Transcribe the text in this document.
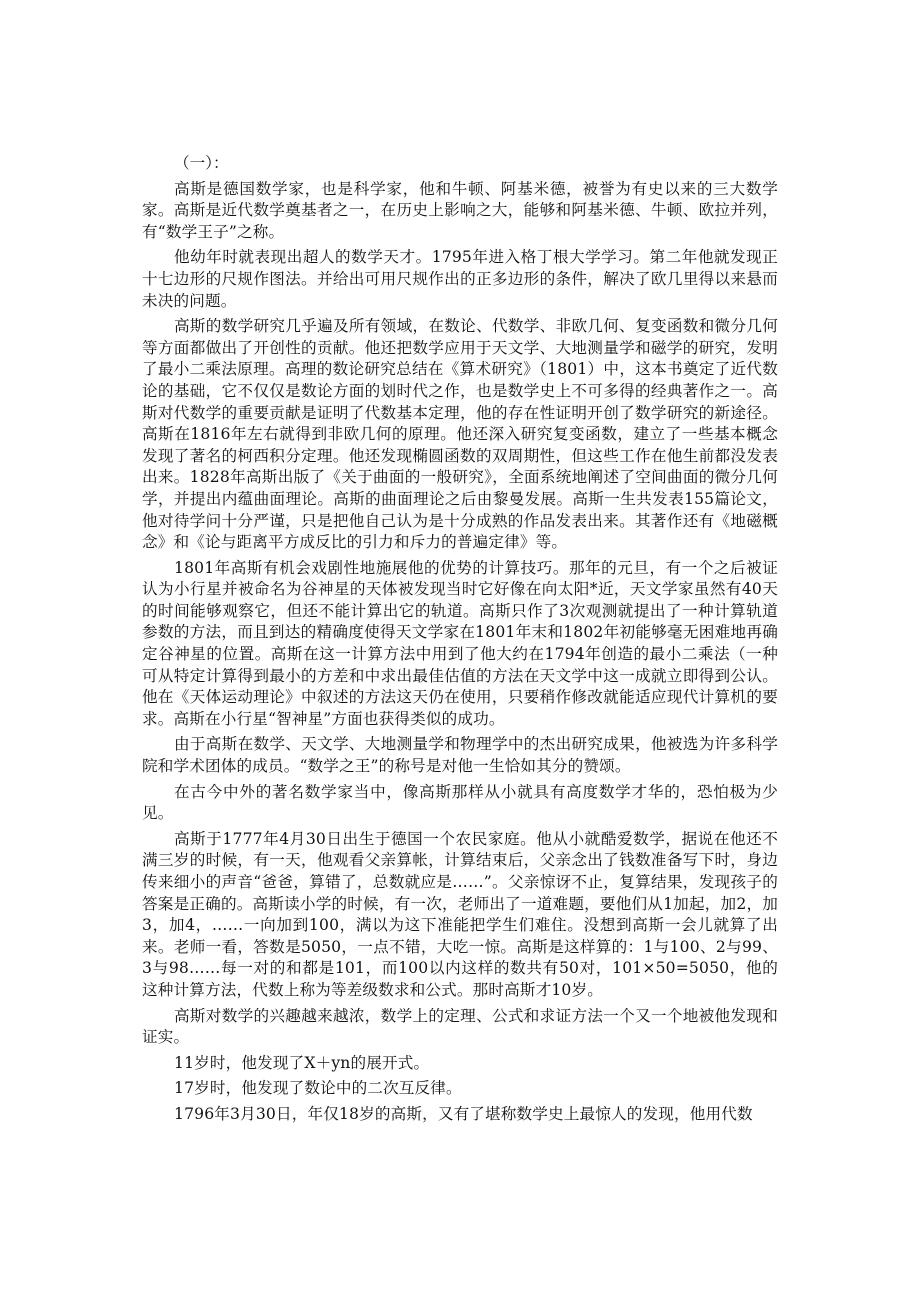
（一）：

高斯是德国数学家，也是科学家，他和牛顿、阿基米德，被誉为有史以来的三大数学家。高斯是近代数学奠基者之一，在历史上影响之大，能够和阿基米德、牛顿、欧拉并列，有“数学王子”之称。

他幼年时就表现出超人的数学天才。1795年进入格丁根大学学习。第二年他就发现正十七边形的尺规作图法。并给出可用尺规作出的正多边形的条件，解决了欧几里得以来悬而未决的问题。

高斯的数学研究几乎遍及所有领域，在数论、代数学、非欧几何、复变函数和微分几何等方面都做出了开创性的贡献。他还把数学应用于天文学、大地测量学和磁学的研究，发明了最小二乘法原理。高理的数论研究总结在《算术研究》（1801）中，这本书奠定了近代数论的基础，它不仅仅是数论方面的划时代之作，也是数学史上不可多得的经典著作之一。高斯对代数学的重要贡献是证明了代数基本定理，他的存在性证明开创了数学研究的新途径。高斯在1816年左右就得到非欧几何的原理。他还深入研究复变函数，建立了一些基本概念发现了著名的柯西积分定理。他还发现椭圆函数的双周期性，但这些工作在他生前都没发表出来。1828年高斯出版了《关于曲面的一般研究》，全面系统地阐述了空间曲面的微分几何学，并提出内蕴曲面理论。高斯的曲面理论之后由黎曼发展。高斯一生共发表155篇论文，他对待学问十分严谨，只是把他自己认为是十分成熟的作品发表出来。其著作还有《地磁概念》和《论与距离平方成反比的引力和斥力的普遍定律》等。

1801年高斯有机会戏剧性地施展他的优势的计算技巧。那年的元旦，有一个之后被证认为小行星并被命名为谷神星的天体被发现当时它好像在向太阳*近，天文学家虽然有40天的时间能够观察它，但还不能计算出它的轨道。高斯只作了3次观测就提出了一种计算轨道参数的方法，而且到达的精确度使得天文学家在1801年末和1802年初能够毫无困难地再确定谷神星的位置。高斯在这一计算方法中用到了他大约在1794年创造的最小二乘法（一种可从特定计算得到最小的方差和中求出最佳估值的方法在天文学中这一成就立即得到公认。他在《天体运动理论》中叙述的方法这天仍在使用，只要稍作修改就能适应现代计算机的要求。高斯在小行星“智神星”方面也获得类似的成功。

由于高斯在数学、天文学、大地测量学和物理学中的杰出研究成果，他被选为许多科学院和学术团体的成员。“数学之王”的称号是对他一生恰如其分的赞颂。

在古今中外的著名数学家当中，像高斯那样从小就具有高度数学才华的，恐怕极为少见。

高斯于1777年4月30日出生于德国一个农民家庭。他从小就酷爱数学，据说在他还不满三岁的时候，有一天，他观看父亲算帐，计算结束后，父亲念出了钱数准备写下时，身边传来细小的声音“爸爸，算错了，总数就应是……”。父亲惊讶不止，复算结果，发现孩子的答案是正确的。高斯读小学的时候，有一次，老师出了一道难题，要他们从1加起，加2，加3，加4，……一向加到100，满以为这下准能把学生们难住。没想到高斯一会儿就算了出来。老师一看，答数是5050，一点不错，大吃一惊。高斯是这样算的：1与100、2与99、3与98……每一对的和都是101，而100以内这样的数共有50对，101×50=5050，他的这种计算方法，代数上称为等差级数求和公式。那时高斯才10岁。

高斯对数学的兴趣越来越浓，数学上的定理、公式和求证方法一个又一个地被他发现和证实。

11岁时，他发现了X＋yn的展开式。

17岁时，他发现了数论中的二次互反律。

1796年3月30日，年仅18岁的高斯，又有了堪称数学史上最惊人的发现，他用代数
